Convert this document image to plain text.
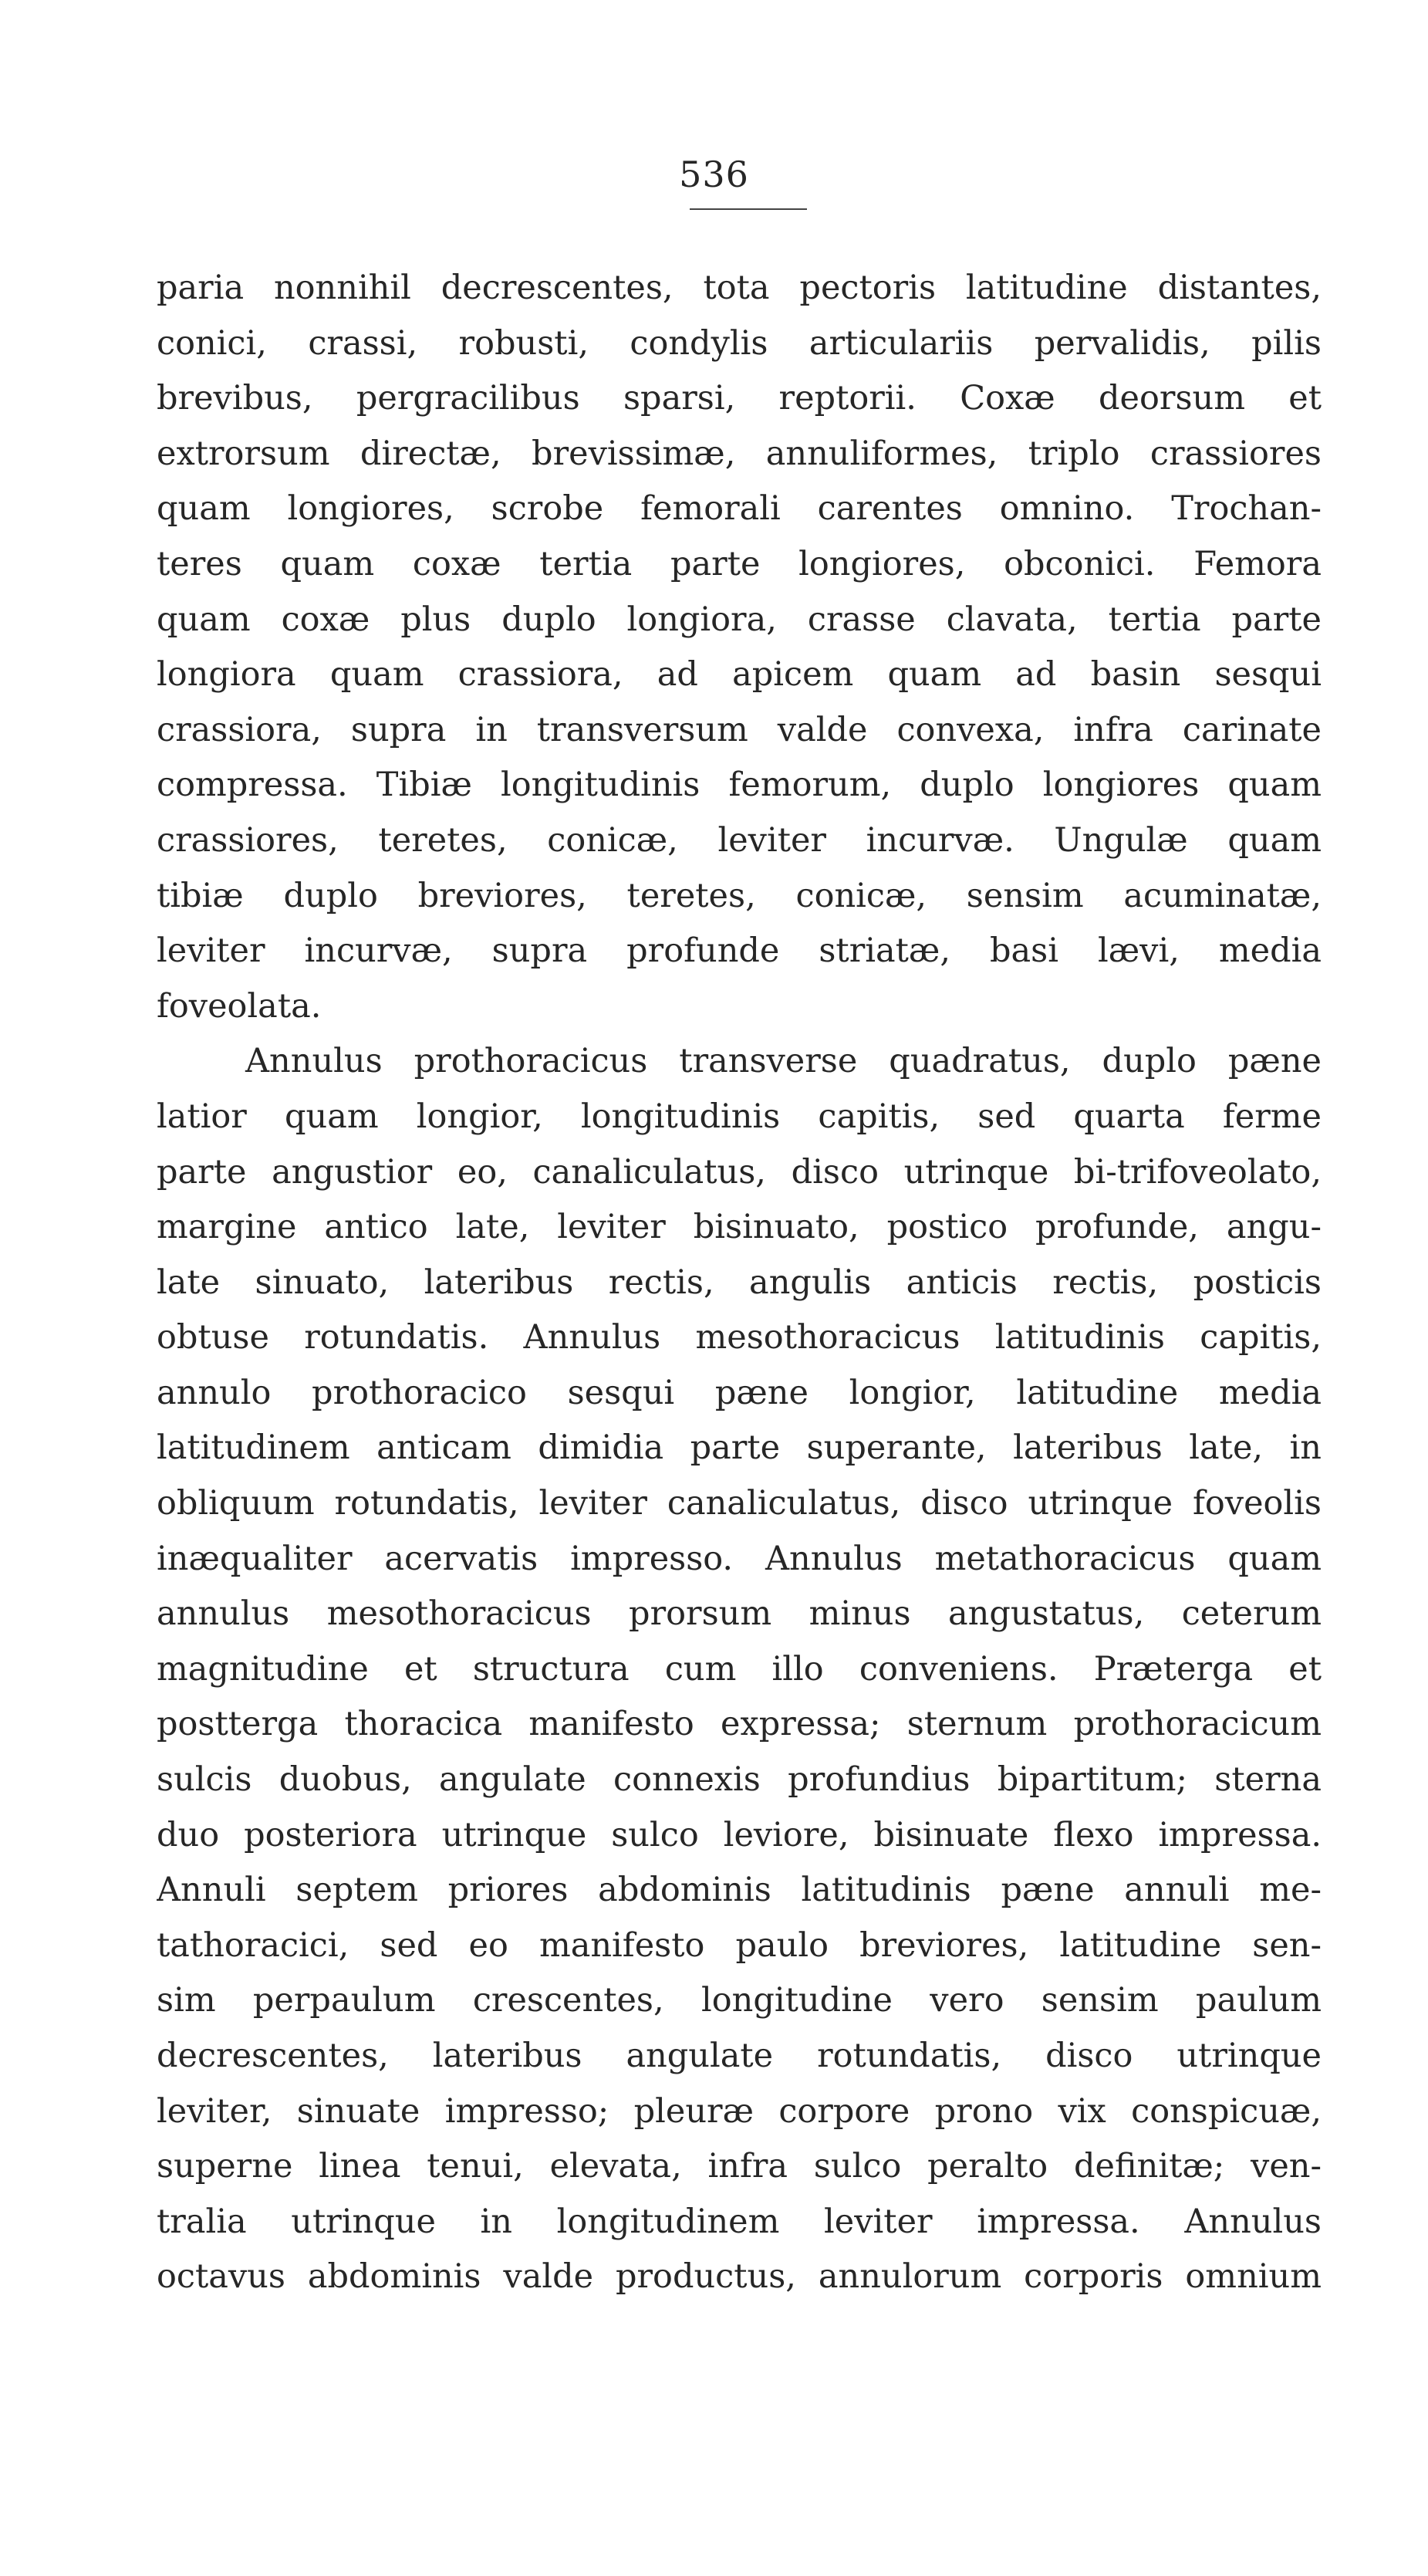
536
paria nonnihil decrescentes, tota pectoris latitudine distantes,
conici, crassi, robusti, condylis articulariis pervalidis, pilis
brevibus, pergracilibus sparsi, reptorii. Coxæ deorsum et
extrorsum directæ, brevissimæ, annuliformes, triplo crassiores
quam longiores, scrobe femorali carentes omnino. Trochan-
teres quam coxæ tertia parte longiores, obconici. Femora
quam coxæ plus duplo longiora, crasse clavata, tertia parte
longiora quam crassiora, ad apicem quam ad basin sesqui
crassiora, supra in transversum valde convexa, infra carinate
compressa. Tibiæ longitudinis femorum, duplo longiores quam
crassiores, teretes, conicæ, leviter incurvæ. Ungulæ quam
tibiæ duplo breviores, teretes, conicæ, sensim acuminatæ,
leviter incurvæ, supra profunde striatæ, basi lævi, media
foveolata.
Annulus prothoracicus transverse quadratus, duplo pæne
latior quam longior, longitudinis capitis, sed quarta ferme
parte angustior eo, canaliculatus, disco utrinque bi-trifoveolato,
margine antico late, leviter bisinuato, postico profunde, angu-
late sinuato, lateribus rectis, angulis anticis rectis, posticis
obtuse rotundatis. Annulus mesothoracicus latitudinis capitis,
annulo prothoracico sesqui pæne longior, latitudine media
latitudinem anticam dimidia parte superante, lateribus late, in
obliquum rotundatis, leviter canaliculatus, disco utrinque foveolis
inæqualiter acervatis impresso. Annulus metathoracicus quam
annulus mesothoracicus prorsum minus angustatus, ceterum
magnitudine et structura cum illo conveniens. Præterga et
postterga thoracica manifesto expressa; sternum prothoracicum
sulcis duobus, angulate connexis profundius bipartitum; sterna
duo posteriora utrinque sulco leviore, bisinuate flexo impressa.
Annuli septem priores abdominis latitudinis pæne annuli me-
tathoracici, sed eo manifesto paulo breviores, latitudine sen-
sim perpaulum crescentes, longitudine vero sensim paulum
decrescentes, lateribus angulate rotundatis, disco utrinque
leviter, sinuate impresso; pleuræ corpore prono vix conspicuæ,
superne linea tenui, elevata, infra sulco peralto definitæ; ven-
tralia utrinque in longitudinem leviter impressa. Annulus
octavus abdominis valde productus, annulorum corporis omnium
